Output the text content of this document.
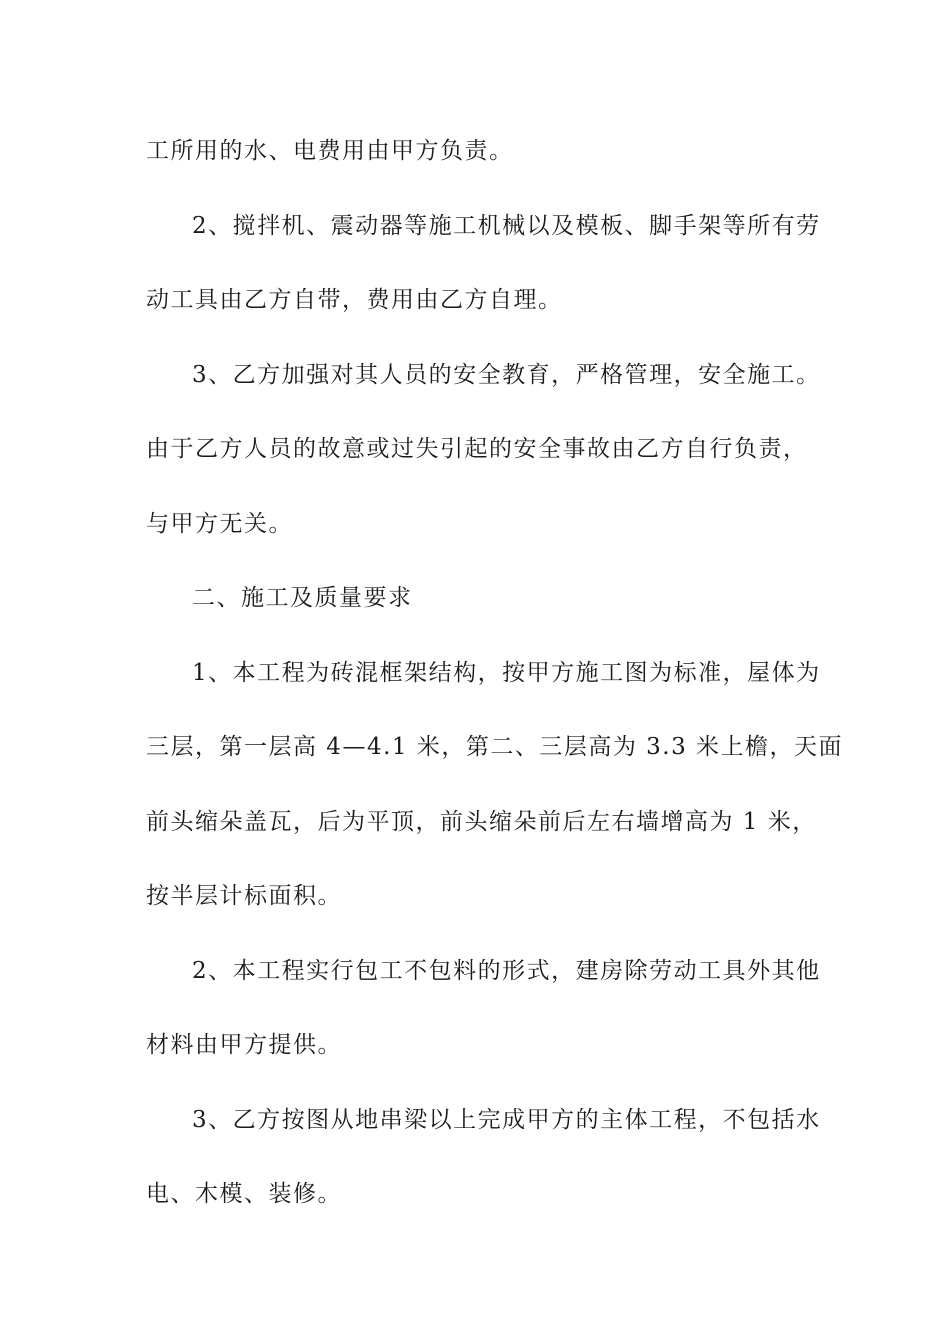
工所用的水、电费用由甲方负责。

2、搅拌机、震动器等施工机械以及模板、脚手架等所有劳

动工具由乙方自带，费用由乙方自理。

3、乙方加强对其人员的安全教育，严格管理，安全施工。

由于乙方人员的故意或过失引起的安全事故由乙方自行负责，

与甲方无关。

二、施工及质量要求

1、本工程为砖混框架结构，按甲方施工图为标准，屋体为

三层，第一层高 4—4.1 米，第二、三层高为 3.3 米上檐，天面

前头缩朵盖瓦，后为平顶，前头缩朵前后左右墙增高为 1 米，

按半层计标面积。

2、本工程实行包工不包料的形式，建房除劳动工具外其他

材料由甲方提供。

3、乙方按图从地串梁以上完成甲方的主体工程，不包括水

电、木模、装修。
